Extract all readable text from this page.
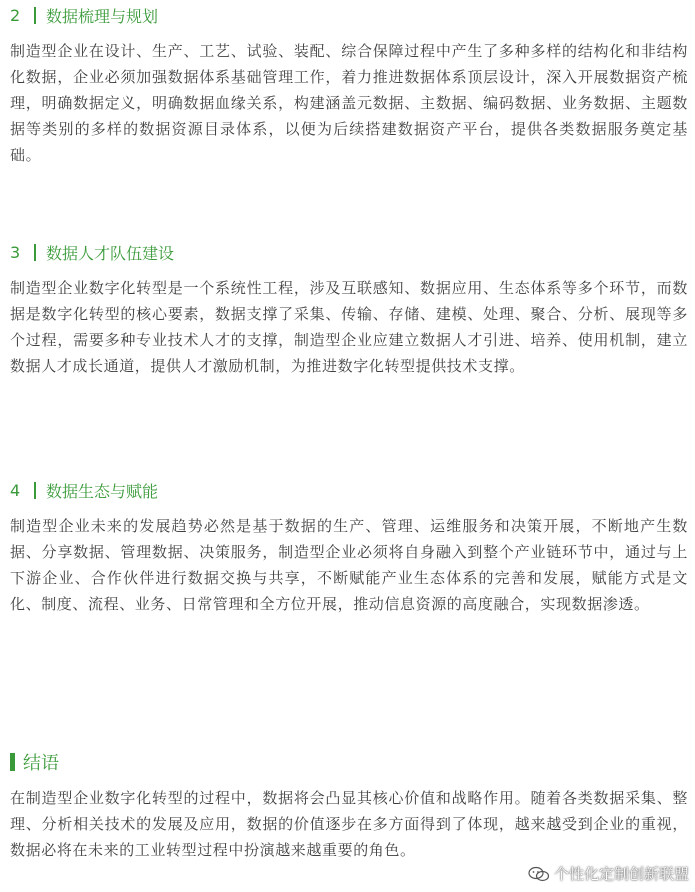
2 数据梳理与规划

制造型企业在设计、生产、工艺、试验、装配、综合保障过程中产生了多种多样的结构化和非结构化数据，企业必须加强数据体系基础管理工作，着力推进数据体系顶层设计，深入开展数据资产梳理，明确数据定义，明确数据血缘关系，构建涵盖元数据、主数据、编码数据、业务数据、主题数据等类别的多样的数据资源目录体系，以便为后续搭建数据资产平台，提供各类数据服务奠定基础。

3 数据人才队伍建设

制造型企业数字化转型是一个系统性工程，涉及互联感知、数据应用、生态体系等多个环节，而数据是数字化转型的核心要素，数据支撑了采集、传输、存储、建模、处理、聚合、分析、展现等多个过程，需要多种专业技术人才的支撑，制造型企业应建立数据人才引进、培养、使用机制，建立数据人才成长通道，提供人才激励机制，为推进数字化转型提供技术支撑。

4 数据生态与赋能

制造型企业未来的发展趋势必然是基于数据的生产、管理、运维服务和决策开展，不断地产生数据、分享数据、管理数据、决策服务，制造型企业必须将自身融入到整个产业链环节中，通过与上下游企业、合作伙伴进行数据交换与共享，不断赋能产业生态体系的完善和发展，赋能方式是文化、制度、流程、业务、日常管理和全方位开展，推动信息资源的高度融合，实现数据渗透。

结语

在制造型企业数字化转型的过程中，数据将会凸显其核心价值和战略作用。随着各类数据采集、整理、分析相关技术的发展及应用，数据的价值逐步在多方面得到了体现，越来越受到企业的重视，数据必将在未来的工业转型过程中扮演越来越重要的角色。

个性化定制创新联盟
